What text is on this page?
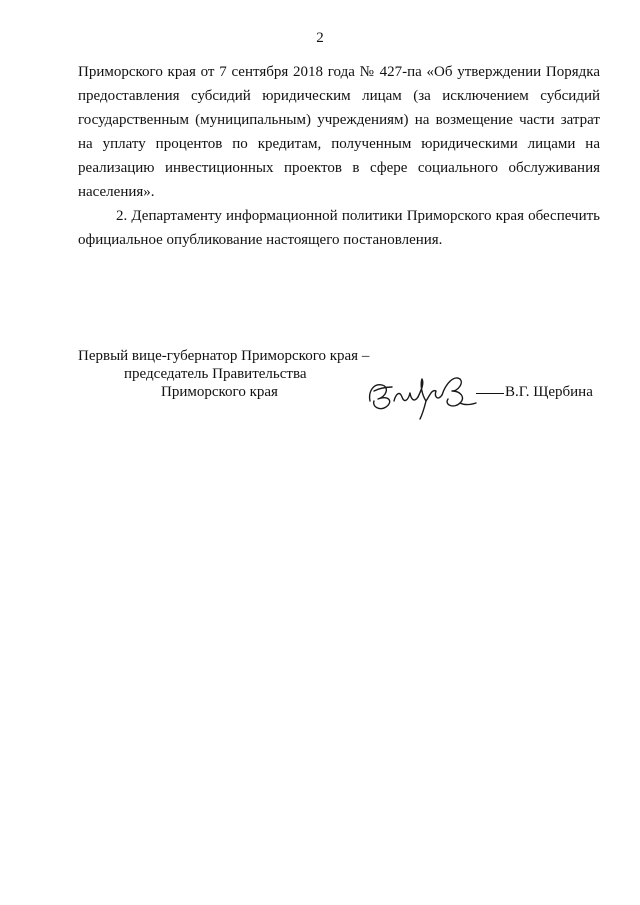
2

Приморского края от 7 сентября 2018 года № 427-па «Об утверждении Порядка предоставления субсидий юридическим лицам (за исключением субсидий государственным (муниципальным) учреждениям) на возмещение части затрат на уплату процентов по кредитам, полученным юридическими лицами на реализацию инвестиционных проектов в сфере социального обслуживания населения».

2. Департаменту информационной политики Приморского края обеспечить официальное опубликование настоящего постановления.

Первый вице-губернатор Приморского края –
председатель Правительства
Приморского края	В.Г. Щербина
